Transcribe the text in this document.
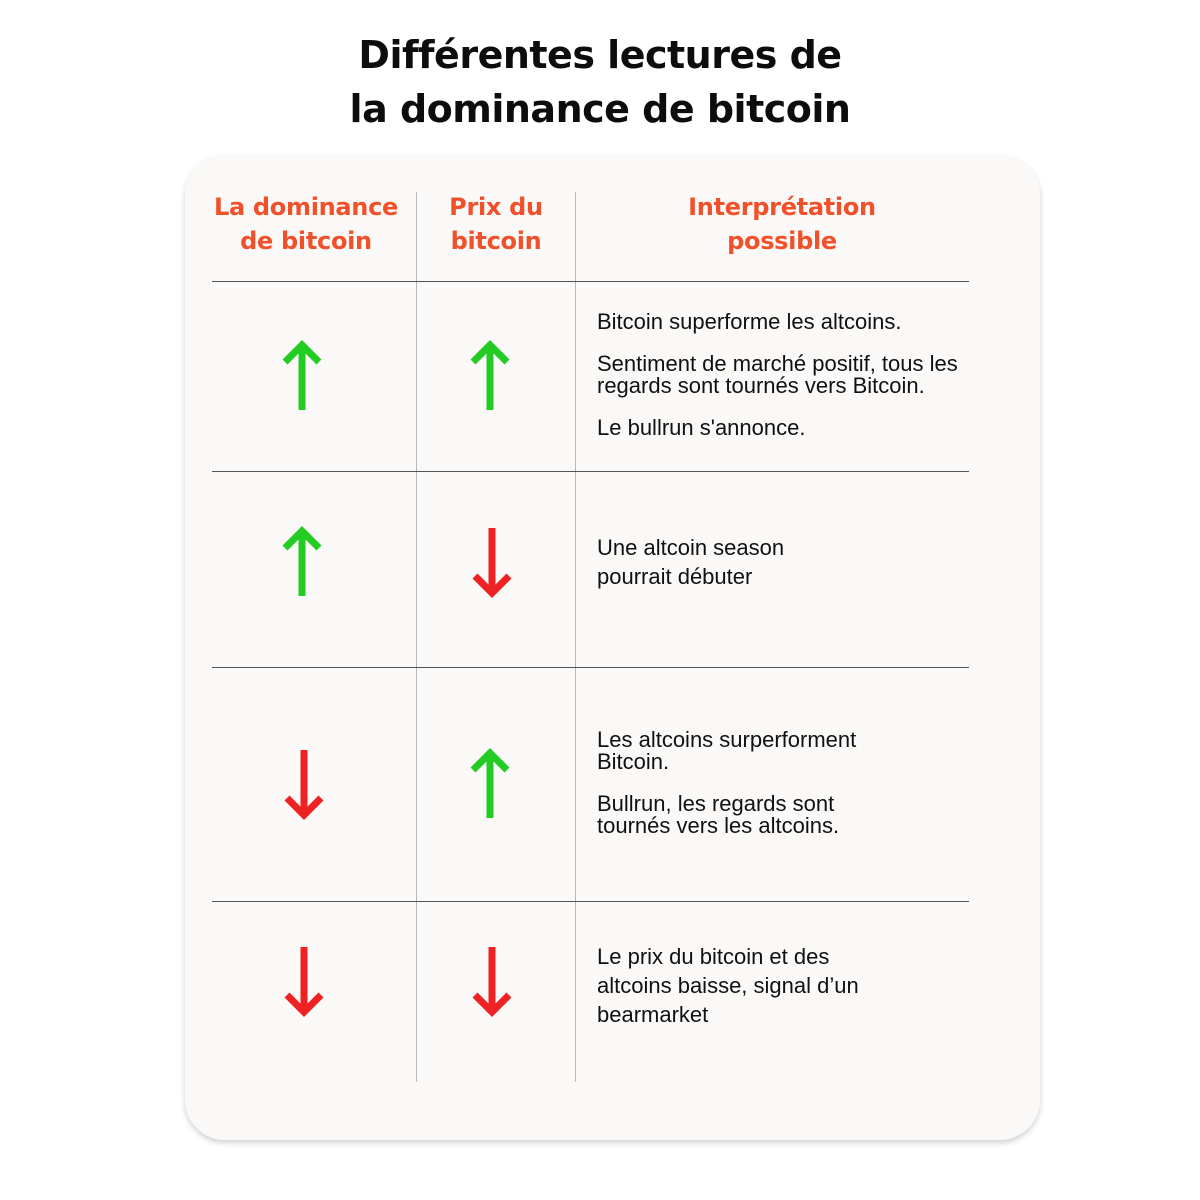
Différentes lectures de
la dominance de bitcoin
La dominance
de bitcoin
Prix du
bitcoin
Interprétation
possible

Bitcoin superforme les altcoins.

Sentiment de marché positif, tous les regards sont tournés vers Bitcoin.

Le bullrun s'annonce.

Une altcoin season pourrait débuter

Les altcoins surperforment Bitcoin.

Bullrun, les regards sont tournés vers les altcoins.

Le prix du bitcoin et des altcoins baisse, signal d’un bearmarket
